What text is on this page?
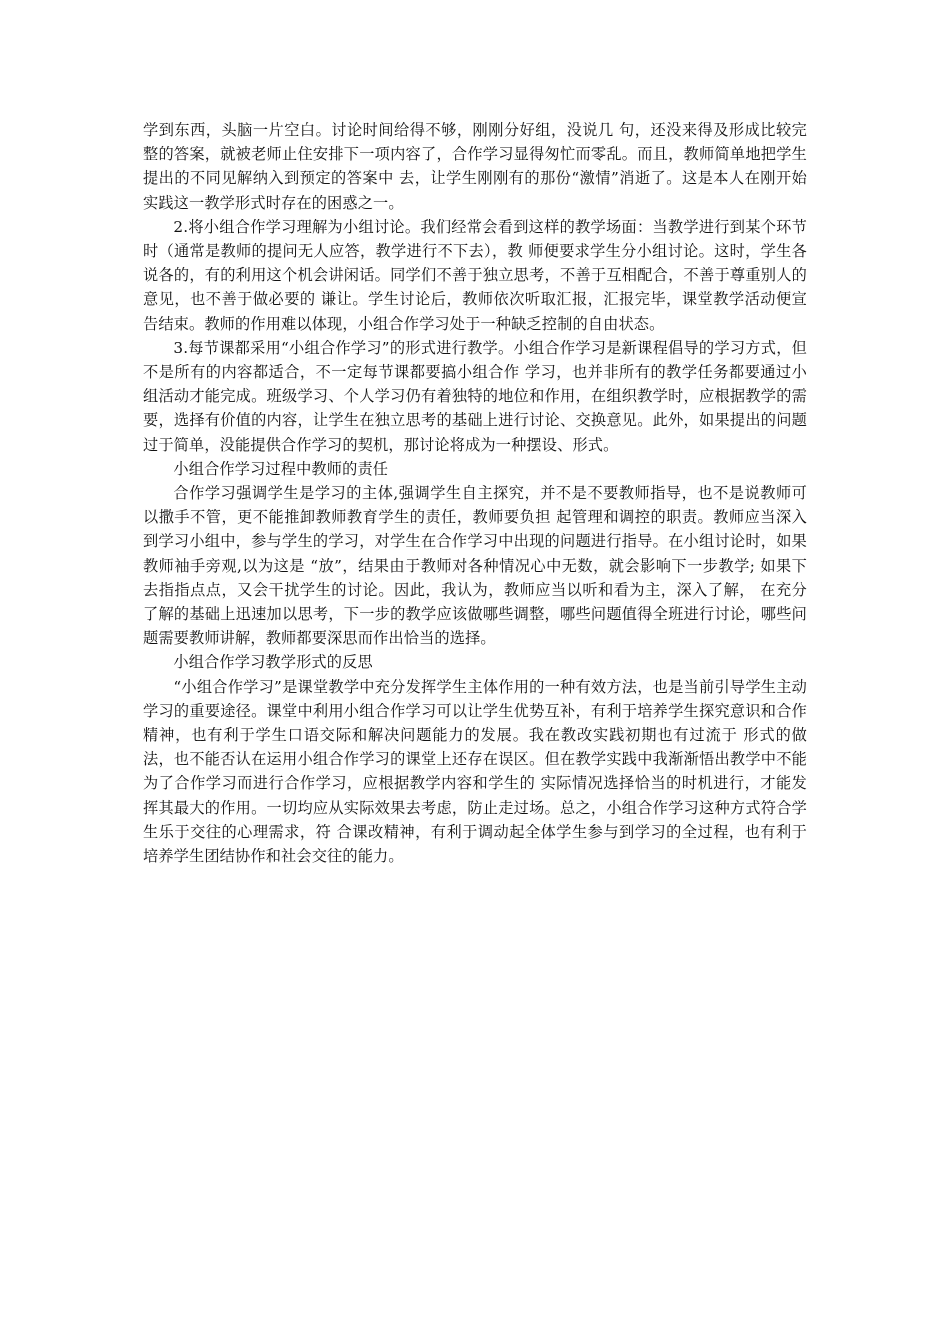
学到东西，头脑一片空白。讨论时间给得不够，刚刚分好组，没说几 句，还没来得及形成比较完整的答案，就被老师止住安排下一项内容了，合作学习显得匆忙而零乱。而且，教师简单地把学生提出的不同见解纳入到预定的答案中 去，让学生刚刚有的那份“激情”消逝了。这是本人在刚开始实践这一教学形式时存在的困惑之一。

2.将小组合作学习理解为小组讨论。我们经常会看到这样的教学场面：当教学进行到某个环节时（通常是教师的提问无人应答，教学进行不下去），教 师便要求学生分小组讨论。这时，学生各说各的，有的利用这个机会讲闲话。同学们不善于独立思考，不善于互相配合，不善于尊重别人的意见，也不善于做必要的 谦让。学生讨论后，教师依次听取汇报，汇报完毕，课堂教学活动便宣告结束。教师的作用难以体现，小组合作学习处于一种缺乏控制的自由状态。

3.每节课都采用“小组合作学习”的形式进行教学。小组合作学习是新课程倡导的学习方式，但不是所有的内容都适合，不一定每节课都要搞小组合作 学习，也并非所有的教学任务都要通过小组活动才能完成。班级学习、个人学习仍有着独特的地位和作用，在组织教学时，应根据教学的需要，选择有价值的内容，让学生在独立思考的基础上进行讨论、交换意见。此外，如果提出的问题过于简单，没能提供合作学习的契机，那讨论将成为一种摆设、形式。

小组合作学习过程中教师的责任

合作学习强调学生是学习的主体,强调学生自主探究，并不是不要教师指导，也不是说教师可以撒手不管，更不能推卸教师教育学生的责任，教师要负担 起管理和调控的职责。教师应当深入到学习小组中，参与学生的学习，对学生在合作学习中出现的问题进行指导。在小组讨论时，如果教师袖手旁观,以为这是 “放”，结果由于教师对各种情况心中无数，就会影响下一步教学; 如果下去指指点点，又会干扰学生的讨论。因此，我认为，教师应当以听和看为主，深入了解， 在充分了解的基础上迅速加以思考，下一步的教学应该做哪些调整，哪些问题值得全班进行讨论，哪些问题需要教师讲解，教师都要深思而作出恰当的选择。

小组合作学习教学形式的反思

“小组合作学习”是课堂教学中充分发挥学生主体作用的一种有效方法，也是当前引导学生主动学习的重要途径。课堂中利用小组合作学习可以让学生优势互补，有利于培养学生探究意识和合作精神，也有利于学生口语交际和解决问题能力的发展。我在教改实践初期也有过流于 形式的做法，也不能否认在运用小组合作学习的课堂上还存在误区。但在教学实践中我渐渐悟出教学中不能为了合作学习而进行合作学习，应根据教学内容和学生的 实际情况选择恰当的时机进行，才能发挥其最大的作用。一切均应从实际效果去考虑，防止走过场。总之，小组合作学习这种方式符合学生乐于交往的心理需求，符 合课改精神，有利于调动起全体学生参与到学习的全过程，也有利于培养学生团结协作和社会交往的能力。
